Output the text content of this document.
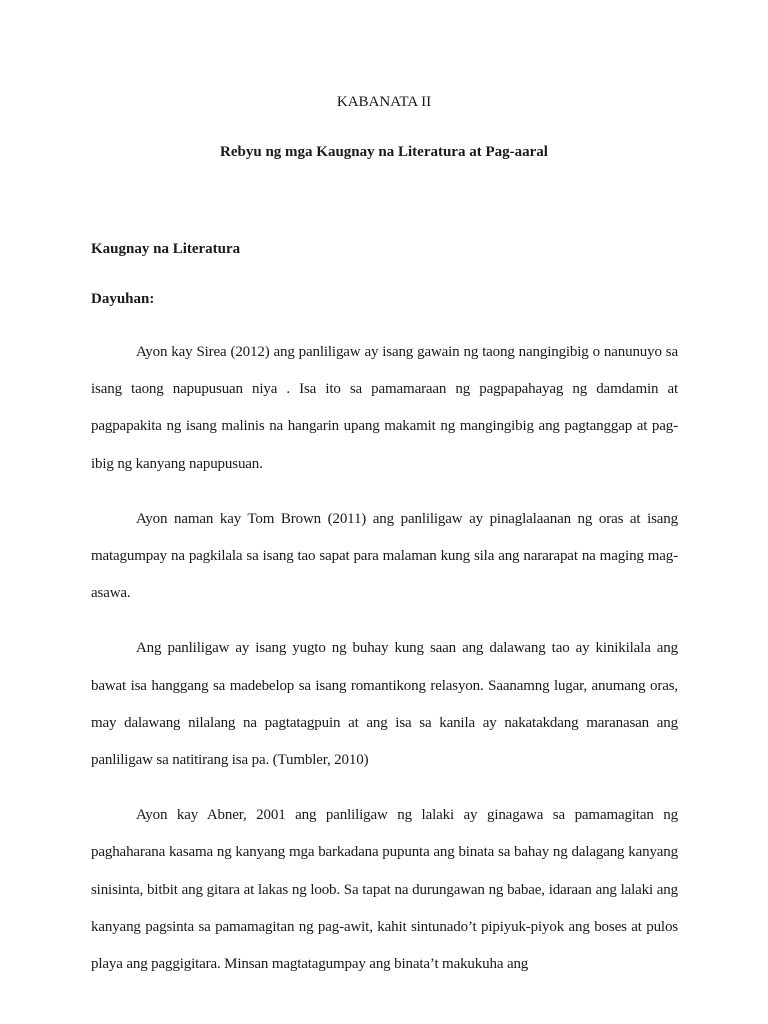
KABANATA II
Rebyu ng mga Kaugnay na Literatura at Pag-aaral
Kaugnay na Literatura
Dayuhan:

Ayon kay Sirea (2012) ang panliligaw ay isang gawain ng taong nangingibig o nanunuyo sa isang taong napupusuan niya . Isa ito sa pamamaraan ng pagpapahayag ng damdamin at pagpapakita ng isang malinis na hangarin upang makamit ng mangingibig ang pagtanggap at pag-ibig ng kanyang napupusuan.

Ayon naman kay Tom Brown (2011) ang panliligaw ay pinaglalaanan ng oras at isang matagumpay na pagkilala sa isang tao sapat para malaman kung sila ang nararapat na maging mag-asawa.

Ang panliligaw ay isang yugto ng buhay kung saan ang dalawang tao ay kinikilala ang bawat isa hanggang sa madebelop sa isang romantikong relasyon. Saanamng lugar, anumang oras, may dalawang nilalang na pagtatagpuin at ang isa sa kanila ay nakatakdang maranasan ang panliligaw sa natitirang isa pa. (Tumbler, 2010)

Ayon kay Abner, 2001 ang panliligaw ng lalaki ay ginagawa sa pamamagitan ng paghaharana kasama ng kanyang mga barkadana pupunta ang binata sa bahay ng dalagang kanyang sinisinta, bitbit ang gitara at lakas ng loob. Sa tapat na durungawan ng babae, idaraan ang lalaki ang kanyang pagsinta sa pamamagitan ng pag-awit, kahit sintunado’t pipiyuk-piyok ang boses at pulos playa ang paggigitara. Minsan magtatagumpay ang binata’t makukuha ang
